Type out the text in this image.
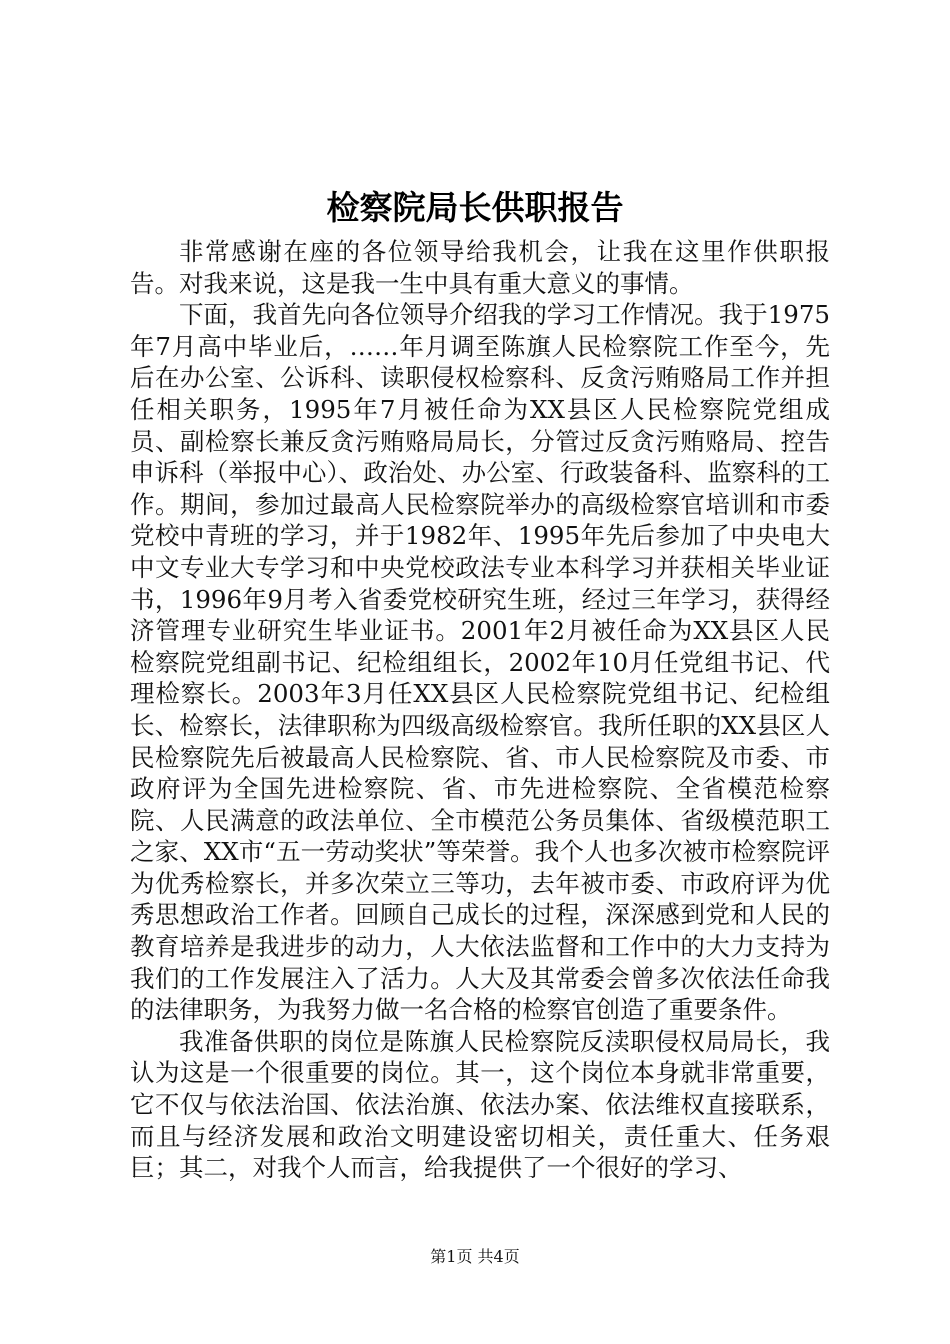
检察院局长供职报告

非常感谢在座的各位领导给我机会，让我在这里作供职报告。对我来说，这是我一生中具有重大意义的事情。

下面，我首先向各位领导介绍我的学习工作情况。我于1975年7月高中毕业后，……年月调至陈旗人民检察院工作至今，先后在办公室、公诉科、读职侵权检察科、反贪污贿赂局工作并担任相关职务，1995年7月被任命为XX县区人民检察院党组成员、副检察长兼反贪污贿赂局局长，分管过反贪污贿赂局、控告申诉科（举报中心）、政治处、办公室、行政装备科、监察科的工作。期间，参加过最高人民检察院举办的高级检察官培训和市委党校中青班的学习，并于1982年、1995年先后参加了中央电大中文专业大专学习和中央党校政法专业本科学习并获相关毕业证书，1996年9月考入省委党校研究生班，经过三年学习，获得经济管理专业研究生毕业证书。2001年2月被任命为XX县区人民检察院党组副书记、纪检组组长，2002年10月任党组书记、代理检察长。2003年3月任XX县区人民检察院党组书记、纪检组长、检察长，法律职称为四级高级检察官。我所任职的XX县区人民检察院先后被最高人民检察院、省、市人民检察院及市委、市政府评为全国先进检察院、省、市先进检察院、全省模范检察院、人民满意的政法单位、全市模范公务员集体、省级模范职工之家、XX市“五一劳动奖状”等荣誉。我个人也多次被市检察院评为优秀检察长，并多次荣立三等功，去年被市委、市政府评为优秀思想政治工作者。回顾自己成长的过程，深深感到党和人民的教育培养是我进步的动力，人大依法监督和工作中的大力支持为我们的工作发展注入了活力。人大及其常委会曾多次依法任命我的法律职务，为我努力做一名合格的检察官创造了重要条件。

我准备供职的岗位是陈旗人民检察院反渎职侵权局局长，我认为这是一个很重要的岗位。其一，这个岗位本身就非常重要，它不仅与依法治国、依法治旗、依法办案、依法维权直接联系，而且与经济发展和政治文明建设密切相关，责任重大、任务艰巨；其二，对我个人而言，给我提供了一个很好的学习、

第1页 共4页
